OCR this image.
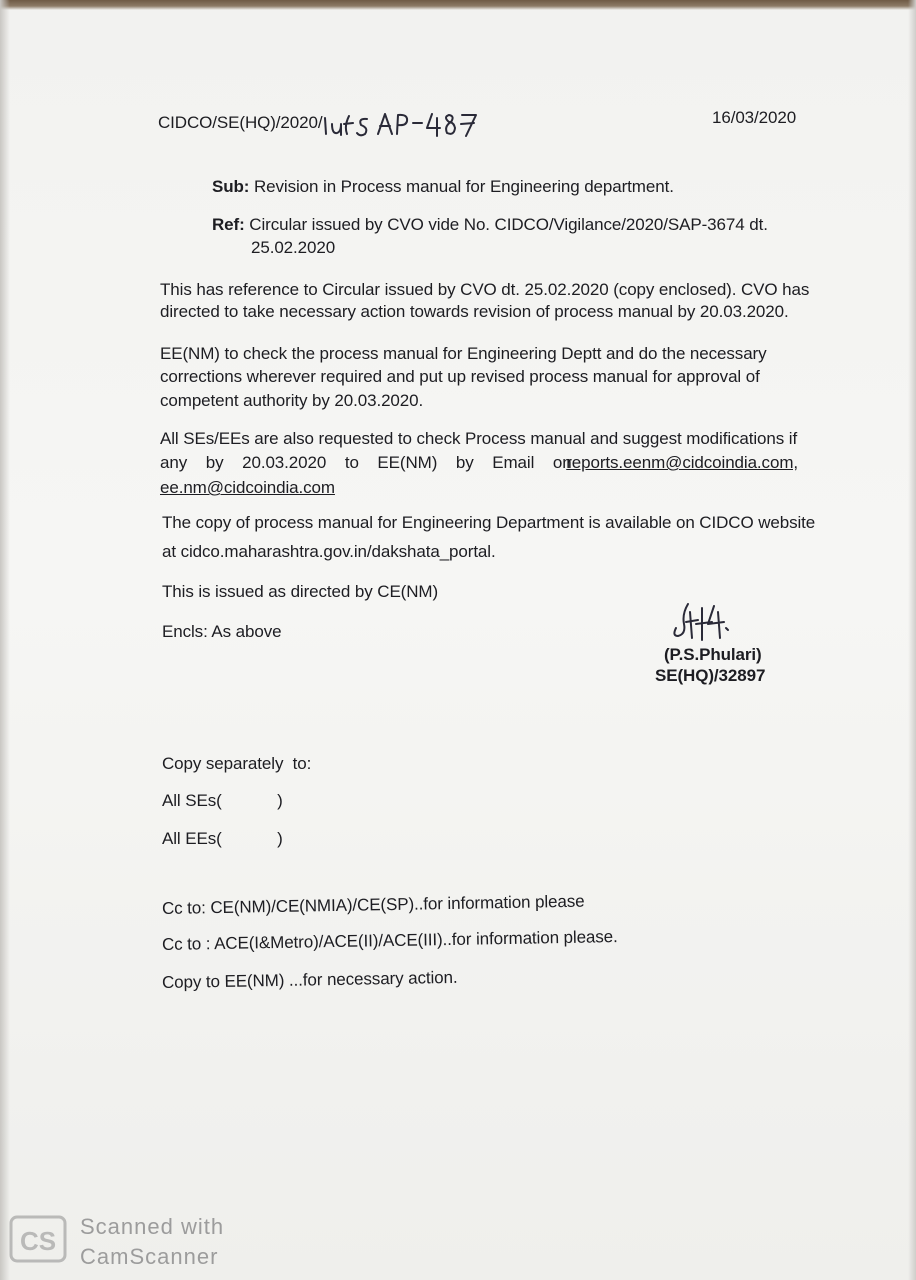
CIDCO/SE(HQ)/2020/	16/03/2020
Sub: Revision in Process manual for Engineering department.
Ref: Circular issued by CVO vide No. CIDCO/Vigilance/2020/SAP-3674 dt.
25.02.2020
This has reference to Circular issued by CVO dt. 25.02.2020 (copy enclosed). CVO has
directed to take necessary action towards revision of process manual by 20.03.2020.
EE(NM) to check the process manual for Engineering Deptt and do the necessary
corrections wherever required and put up revised process manual for approval of
competent authority by 20.03.2020.
All SEs/EEs are also requested to check Process manual and suggest modifications if
any by 20.03.2020 to EE(NM) by Email on
reports.eenm@cidcoindia.com,
ee.nm@cidcoindia.com
The copy of process manual for Engineering Department is available on CIDCO website
at cidco.maharashtra.gov.in/dakshata_portal.
This is issued as directed by CE(NM)
Encls: As above
(P.S.Phulari)
SE(HQ)/32897
Copy separately  to:
All SEs(            )
All EEs(            )
Cc to: CE(NM)/CE(NMIA)/CE(SP)..for information please
Cc to : ACE(I&Metro)/ACE(II)/ACE(III)..for information please.
Copy to EE(NM) ...for necessary action.
CS Scanned with
CamScanner
